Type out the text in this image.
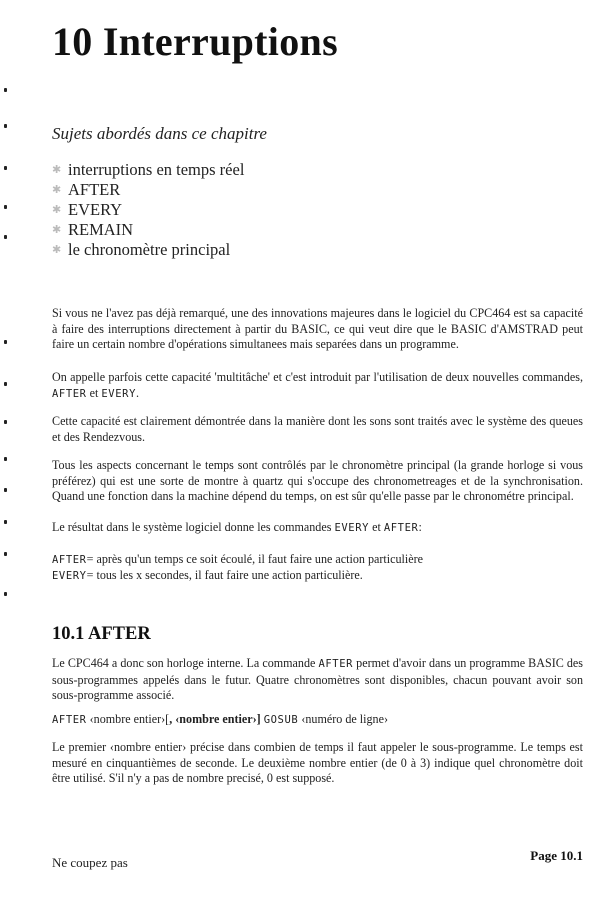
10 Interruptions

Sujets abordés dans ce chapitre

✱ interruptions en temps réel
✱ AFTER
✱ EVERY
✱ REMAIN
✱ le chronomètre principal

Si vous ne l'avez pas déjà remarqué, une des innovations majeures dans le logiciel du CPC464 est sa capacité à faire des interruptions directement à partir du BASIC, ce qui veut dire que le BASIC d'AMSTRAD peut faire un certain nombre d'opérations simultanees mais separées dans un programme.

On appelle parfois cette capacité 'multitâche' et c'est introduit par l'utilisation de deux nouvelles commandes, AFTER et EVERY.

Cette capacité est clairement démontrée dans la manière dont les sons sont traités avec le système des queues et des Rendezvous.

Tous les aspects concernant le temps sont contrôlés par le chronomètre principal (la grande horloge si vous préférez) qui est une sorte de montre à quartz qui s'occupe des chronometreages et de la synchronisation. Quand une fonction dans la machine dépend du temps, on est sûr qu'elle passe par le chronométre principal.

Le résultat dans le système logiciel donne les commandes EVERY et AFTER:

AFTER= après qu'un temps ce soit écoulé, il faut faire une action particulière

EVERY= tous les x secondes, il faut faire une action particulière.

10.1 AFTER

Le CPC464 a donc son horloge interne. La commande AFTER permet d'avoir dans un programme BASIC des sous-programmes appelés dans le futur. Quatre chronomètres sont disponibles, chacun pouvant avoir son sous-programme associé.

AFTER ‹nombre entier›[, ‹nombre entier›] GOSUB ‹numéro de ligne›

Le premier ‹nombre entier› précise dans combien de temps il faut appeler le sous-programme. Le temps est mesuré en cinquantièmes de seconde. Le deuxième nombre entier (de 0 à 3) indique quel chronomètre doit être utilisé. S'il n'y a pas de nombre precisé, 0 est supposé.

Ne coupez pas	Page 10.1
